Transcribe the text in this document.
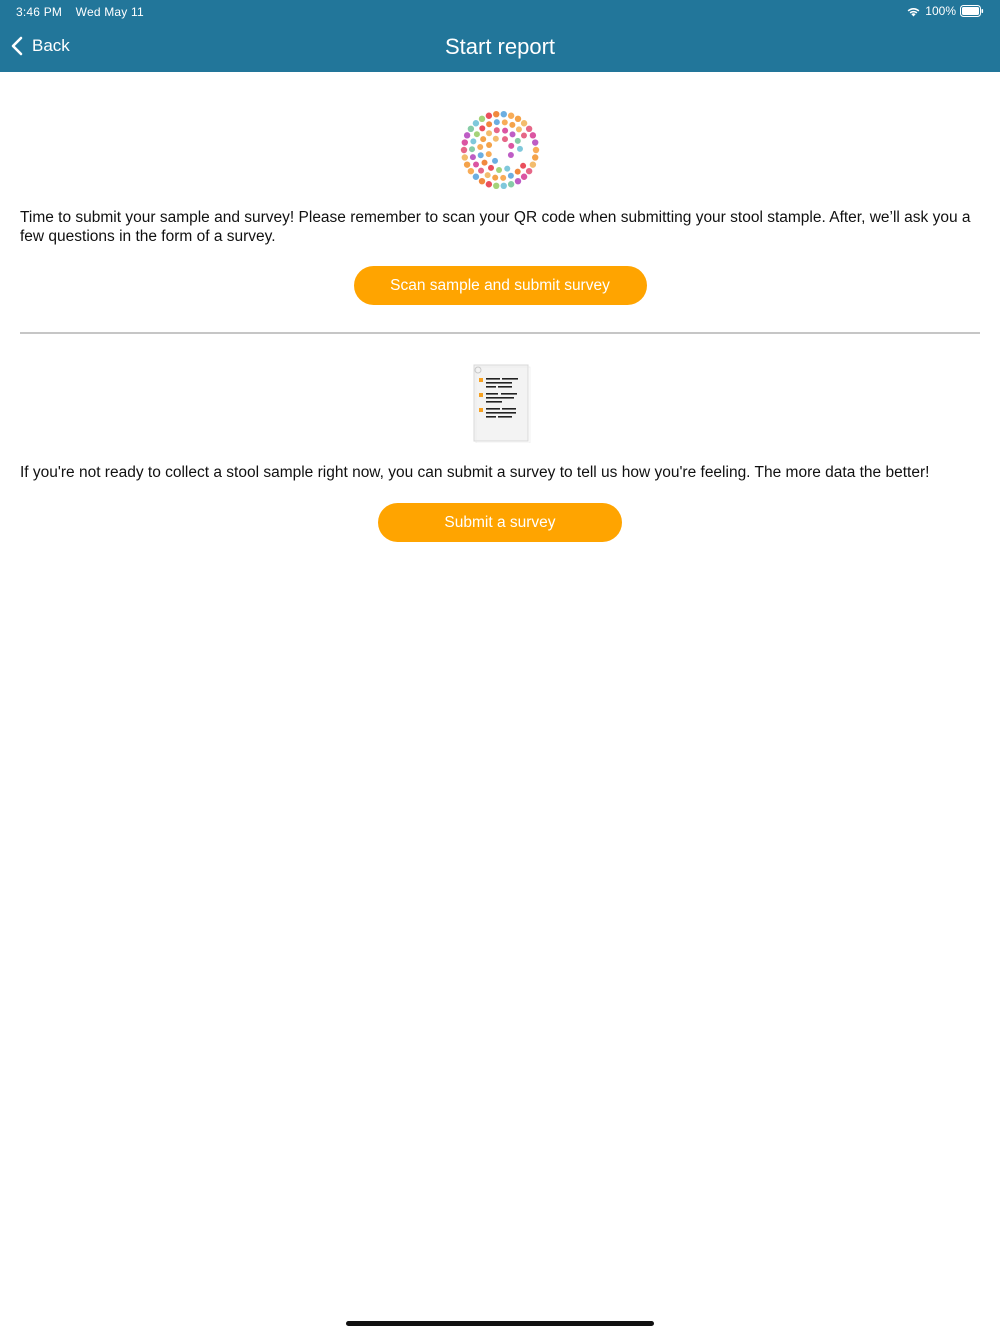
3:46 PM Wed May 11	100%
Back	Start report

Time to submit your sample and survey! Please remember to scan your QR code when submitting your stool stample. After, we’ll ask you a few questions in the form of a survey.

Scan sample and submit survey

If you're not ready to collect a stool sample right now, you can submit a survey to tell us how you're feeling. The more data the better!

Submit a survey
